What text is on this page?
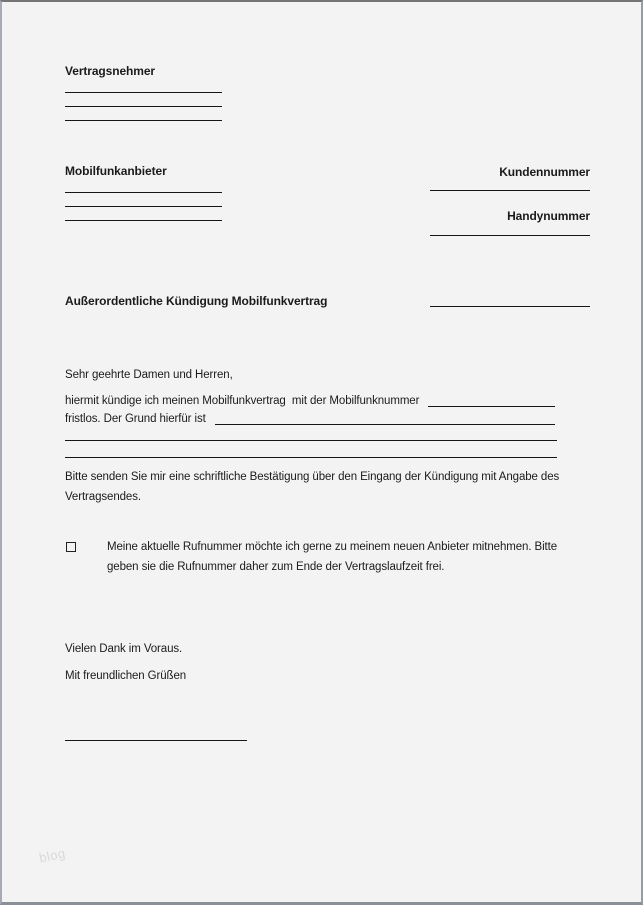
Vertragsnehmer
Mobilfunkanbieter	Kundennummer
Handynummer
Außerordentliche Kündigung Mobilfunkvertrag
Sehr geehrte Damen und Herren,
hiermit kündige ich meinen Mobilfunkvertrag  mit der Mobilfunknummer
fristlos. Der Grund hierfür ist
Bitte senden Sie mir eine schriftliche Bestätigung über den Eingang der Kündigung mit Angabe des Vertragsendes.
Meine aktuelle Rufnummer möchte ich gerne zu meinem neuen Anbieter mitnehmen. Bitte geben sie die Rufnummer daher zum Ende der Vertragslaufzeit frei.
Vielen Dank im Voraus.
Mit freundlichen Grüßen
blog
